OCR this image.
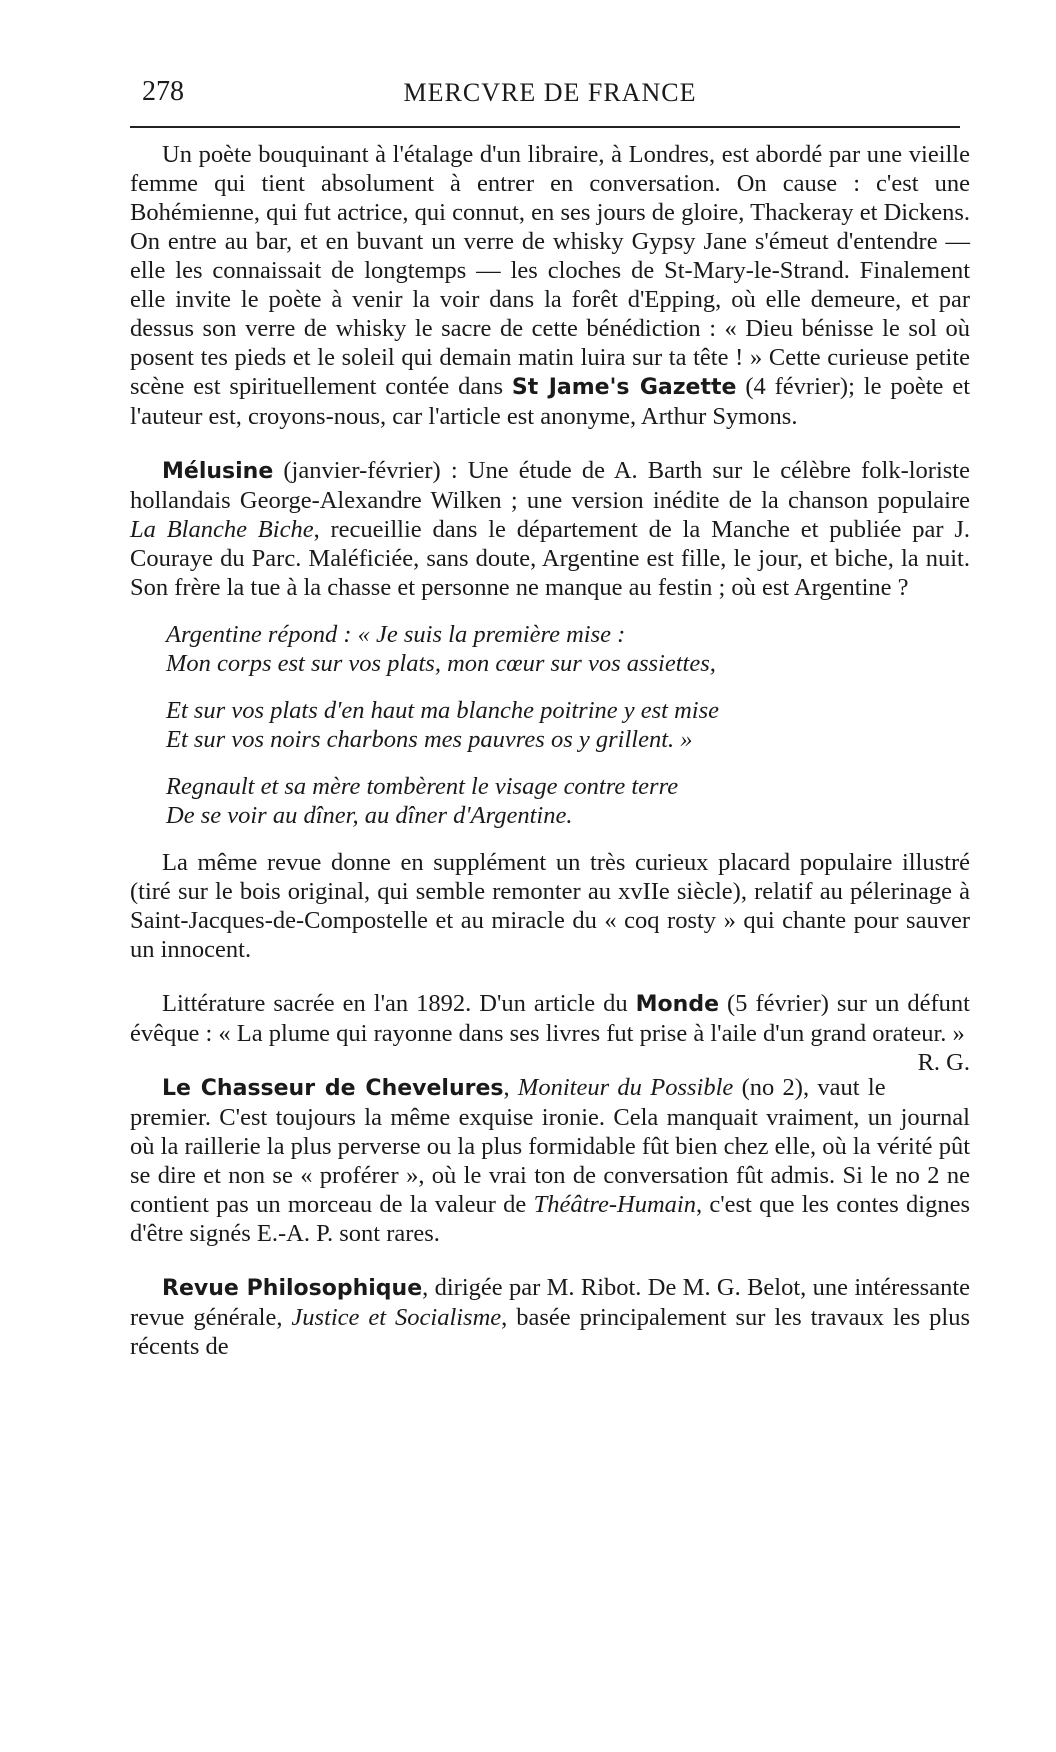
278	MERCVRE DE FRANCE

Un poète bouquinant à l'étalage d'un libraire, à Londres, est abordé par une vieille femme qui tient absolument à entrer en conversation. On cause : c'est une Bohémienne, qui fut actrice, qui connut, en ses jours de gloire, Thackeray et Dickens. On entre au bar, et en buvant un verre de whisky Gypsy Jane s'émeut d'entendre — elle les connaissait de longtemps — les cloches de St-Mary-le-Strand. Finalement elle invite le poète à venir la voir dans la forêt d'Epping, où elle demeure, et par dessus son verre de whisky le sacre de cette bénédiction : « Dieu bénisse le sol où posent tes pieds et le soleil qui demain matin luira sur ta tête ! » Cette curieuse petite scène est spirituellement contée dans St Jame's Gazette (4 février); le poète et l'auteur est, croyons-nous, car l'article est anonyme, Arthur Symons.

Mélusine (janvier-février) : Une étude de A. Barth sur le célèbre folk-loriste hollandais George-Alexandre Wilken ; une version inédite de la chanson populaire La Blanche Biche, recueillie dans le département de la Manche et publiée par J. Couraye du Parc. Maléficiée, sans doute, Argentine est fille, le jour, et biche, la nuit. Son frère la tue à la chasse et personne ne manque au festin ; où est Argentine ?

Argentine répond : « Je suis la première mise :
Mon corps est sur vos plats, mon cœur sur vos assiettes,
Et sur vos plats d'en haut ma blanche poitrine y est mise
Et sur vos noirs charbons mes pauvres os y grillent. »
Regnault et sa mère tombèrent le visage contre terre
De se voir au dîner, au dîner d'Argentine.

La même revue donne en supplément un très curieux placard populaire illustré (tiré sur le bois original, qui semble remonter au xvIIe siècle), relatif au pélerinage à Saint-Jacques-de-Compostelle et au miracle du « coq rosty » qui chante pour sauver un innocent.

Littérature sacrée en l'an 1892. D'un article du Monde (5 février) sur un défunt évêque : « La plume qui rayonne dans ses livres fut prise à l'aile d'un grand orateur. »
R. G.

Le Chasseur de Chevelures, Moniteur du Possible (no 2), vaut le premier. C'est toujours la même exquise ironie. Cela manquait vraiment, un journal où la raillerie la plus perverse ou la plus formidable fût bien chez elle, où la vérité pût se dire et non se « proférer », où le vrai ton de conversation fût admis. Si le no 2 ne contient pas un morceau de la valeur de Théâtre-Humain, c'est que les contes dignes d'être signés E.-A. P. sont rares.

Revue Philosophique, dirigée par M. Ribot. De M. G. Belot, une intéressante revue générale, Justice et Socialisme, basée principalement sur les travaux les plus récents de
